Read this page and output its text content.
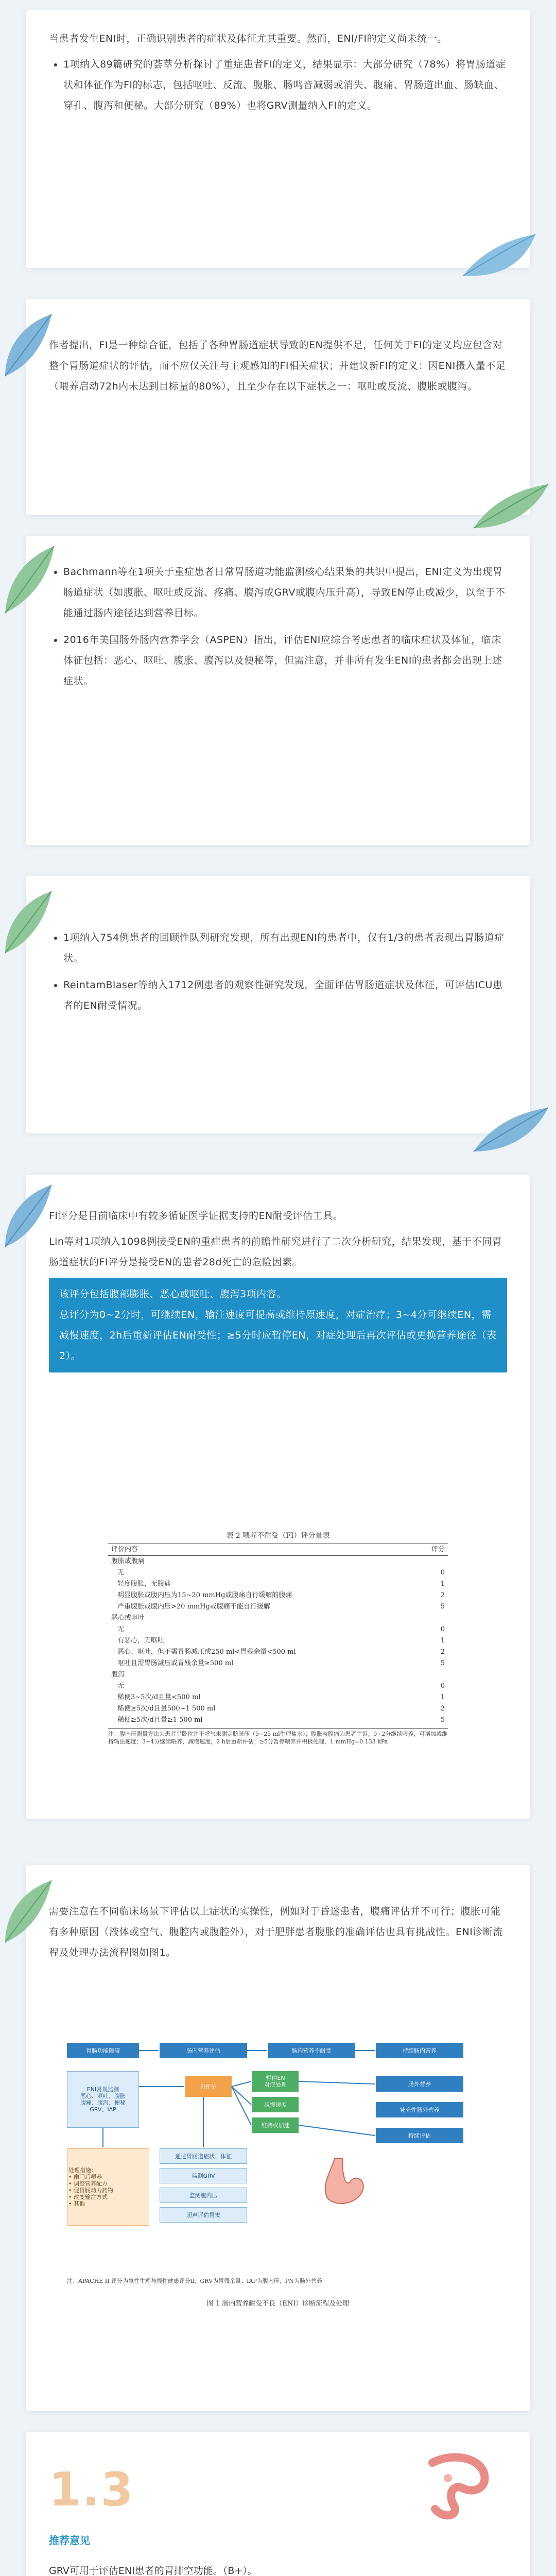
当患者发生ENI时，正确识别患者的症状及体征尤其重要。然而，ENI/FI的定义尚未统一。

• 1项纳入89篇研究的荟萃分析探讨了重症患者FI的定义，结果显示：大部分研究（78%）将胃肠道症状和体征作为FI的标志，包括呕吐、反流、腹胀、肠鸣音减弱或消失、腹痛、胃肠道出血、肠缺血、穿孔、腹泻和便秘。大部分研究（89%）也将GRV测量纳入FI的定义。

作者提出，FI是一种综合征，包括了各种胃肠道症状导致的EN提供不足，任何关于FI的定义均应包含对整个胃肠道症状的评估，而不应仅关注与主观感知的FI相关症状；并建议新FI的定义：因ENI摄入量不足（喂养启动72h内未达到目标量的80%），且至少存在以下症状之一：呕吐或反流、腹胀或腹泻。

• Bachmann等在1项关于重症患者日常胃肠道功能监测核心结果集的共识中提出，ENI定义为出现胃肠道症状（如腹胀、呕吐或反流、疼痛、腹泻或GRV或腹内压升高），导致EN停止或减少，以至于不能通过肠内途径达到营养目标。
• 2016年美国肠外肠内营养学会（ASPEN）指出，评估ENI应综合考虑患者的临床症状及体征，临床体征包括：恶心、呕吐、腹胀、腹泻以及便秘等，但需注意，并非所有发生ENI的患者都会出现上述症状。
• 1项纳入754例患者的回顾性队列研究发现，所有出现ENI的患者中，仅有1/3的患者表现出胃肠道症状。
• ReintamBlaser等纳入1712例患者的观察性研究发现，全面评估胃肠道症状及体征，可评估ICU患者的EN耐受情况。

FI评分是目前临床中有较多循证医学证据支持的EN耐受评估工具。

Lin等对1项纳入1098例接受EN的重症患者的前瞻性研究进行了二次分析研究，结果发现，基于不同胃肠道症状的FI评分是接受EN的患者28d死亡的危险因素。

该评分包括腹部膨胀、恶心或呕吐、腹泻3项内容。
总评分为0~2分时，可继续EN，输注速度可提高或维持原速度，对症治疗；3~4分可继续EN，需减慢速度，2h后重新评估EN耐受性；≥5分时应暂停EN，对症处理后再次评估或更换营养途径（表2）。
表 2 喂养不耐受（FI）评分量表
评价内容	评分
腹胀或腹痛	
无	0
轻度腹胀，无腹痛	1
明显腹胀或腹内压为15~20 mmHg或腹痛自行缓解的腹痛	2
严重腹胀或腹内压>20 mmHg或腹痛不能自行缓解	5
恶心或呕吐	
无	0
有恶心，无呕吐	1
恶心、呕吐，但不需胃肠减压或250 ml<胃残余量<500 ml	2
呕吐且需胃肠减压或胃残余量≥500 ml	5
腹泻	
无	0
稀便3~5次/d且量<500 ml	1
稀便≥5次/d且量500~1 500 ml	2
稀便≥5次/d且量≥1 500 ml	5
注：腹内压测量方法为患者平卧位并于呼气末测定膀胱压（5~25 ml生理盐水）；腹胀与腹痛为患者主诉；0~2分继续喂养，可增加或维持输注速度；3~4分继续喂养，减慢速度，2 h后重新评估；≥5分暂停喂养并积极处理，1 mmHg=0.133 kPa

需要注意在不同临床场景下评估以上症状的实操性，例如对于昏迷患者，腹痛评估并不可行；腹胀可能有多种原因（液体或空气、腹腔内或腹腔外），对于肥胖患者腹胀的准确评估也具有挑战性。ENI诊断流程及处理办法流程图如图1。

胃肠功能障碍	肠内营养评估	肠内营养不耐受	持续肠内营养
ENI常规监测
恶心、呕吐、腹胀
腹痛、腹泻、便秘
GRV、IAP
FI评分
暂停EN
对症处理
减慢速度
维持或加速
通过胃肠道症状、体征
监测GRV
监测腹内压
超声评估胃窦
处理措施：
• 幽门后喂养
• 调整营养配方
• 促胃肠动力药物
• 改变输注方式
• 其他
肠外营养
补充性肠外营养
持续评估
注：APACHE II 评分为急性生理与慢性健康评分Ⅱ；GRV为胃残余量；IAP为腹内压；PN为肠外营养
图 1 肠内营养耐受不良（ENI）诊断流程及处理
1.3
推荐意见
GRV可用于评估ENI患者的胃排空功能。（B+）。
